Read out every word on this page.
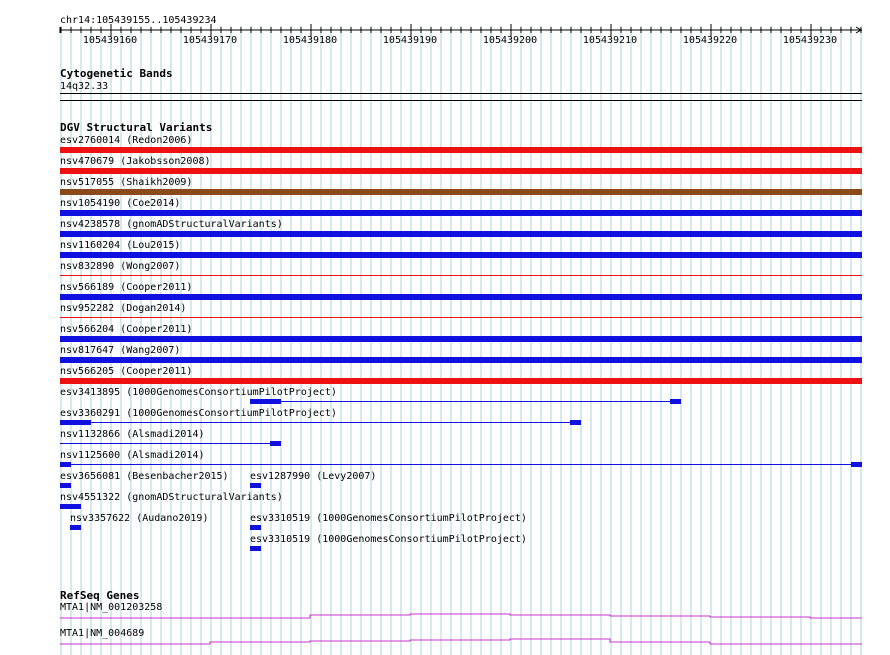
chr14:105439155..105439234
105439160	105439170	105439180	105439190	105439200	105439210	105439220	105439230
Cytogenetic Bands
14q32.33
DGV Structural Variants
esv2760014 (Redon2006)
nsv470679 (Jakobsson2008)
nsv517055 (Shaikh2009)
nsv1054190 (Coe2014)
nsv4238578 (gnomADStructuralVariants)
nsv1160204 (Lou2015)
nsv832890 (Wong2007)
nsv566189 (Cooper2011)
nsv952282 (Dogan2014)
nsv566204 (Cooper2011)
nsv817647 (Wang2007)
nsv566205 (Cooper2011)
esv3413895 (1000GenomesConsortiumPilotProject)
esv3360291 (1000GenomesConsortiumPilotProject)
nsv1132866 (Alsmadi2014)
nsv1125600 (Alsmadi2014)
esv3656081 (Besenbacher2015) esv1287990 (Levy2007)
nsv4551322 (gnomADStructuralVariants)
nsv3357622 (Audano2019)	esv3310519 (1000GenomesConsortiumPilotProject)
esv3310519 (1000GenomesConsortiumPilotProject)
RefSeq Genes
MTA1|NM_001203258
MTA1|NM_004689
